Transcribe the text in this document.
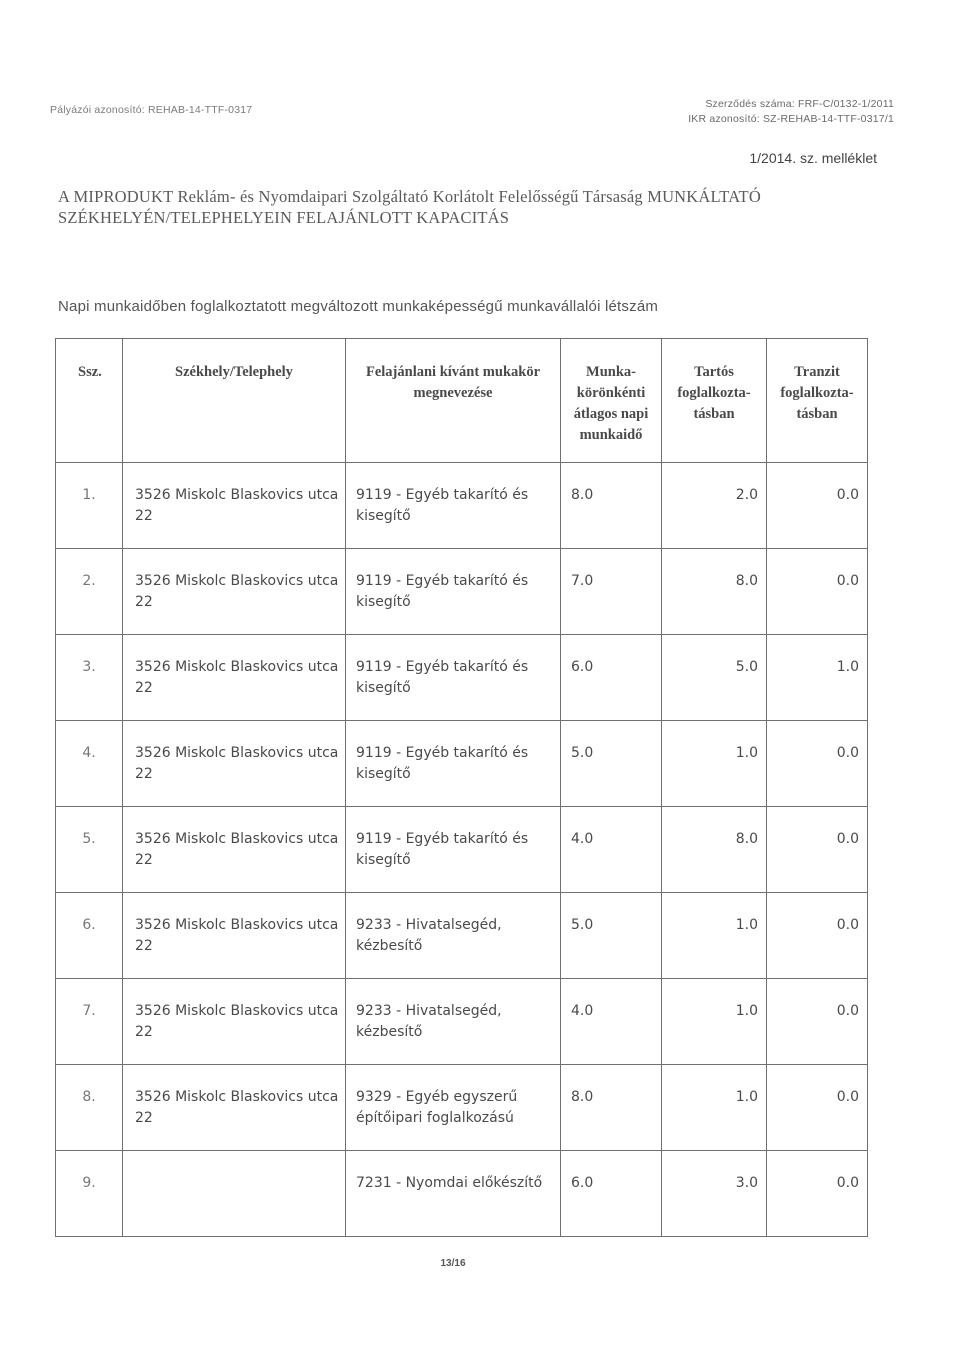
Pályázói azonosító: REHAB-14-TTF-0317	Szerződés száma: FRF-C/0132-1/2011
IKR azonosító: SZ-REHAB-14-TTF-0317/1
1/2014. sz. melléklet
A MIPRODUKT Reklám- és Nyomdaipari Szolgáltató Korlátolt Felelősségű Társaság MUNKÁLTATÓ SZÉKHELYÉN/TELEPHELYEIN FELAJÁNLOTT KAPACITÁS
Napi munkaidőben foglalkoztatott megváltozott munkaképességű munkavállalói létszám
Ssz.	Székhely/Telephely	Felajánlani kívánt mukakör megnevezése	Munka-körönkénti átlagos napi munkaidő	Tartós foglalkozta-tásban	Tranzit foglalkozta-tásban
1.	3526 Miskolc Blaskovics utca 22	9119 - Egyéb takarító és kisegítő	8.0	2.0	0.0
2.	3526 Miskolc Blaskovics utca 22	9119 - Egyéb takarító és kisegítő	7.0	8.0	0.0
3.	3526 Miskolc Blaskovics utca 22	9119 - Egyéb takarító és kisegítő	6.0	5.0	1.0
4.	3526 Miskolc Blaskovics utca 22	9119 - Egyéb takarító és kisegítő	5.0	1.0	0.0
5.	3526 Miskolc Blaskovics utca 22	9119 - Egyéb takarító és kisegítő	4.0	8.0	0.0
6.	3526 Miskolc Blaskovics utca 22	9233 - Hivatalsegéd, kézbesítő	5.0	1.0	0.0
7.	3526 Miskolc Blaskovics utca 22	9233 - Hivatalsegéd, kézbesítő	4.0	1.0	0.0
8.	3526 Miskolc Blaskovics utca 22	9329 - Egyéb egyszerű építőipari foglalkozású	8.0	1.0	0.0
9.		7231 - Nyomdai előkészítő	6.0	3.0	0.0
13/16
